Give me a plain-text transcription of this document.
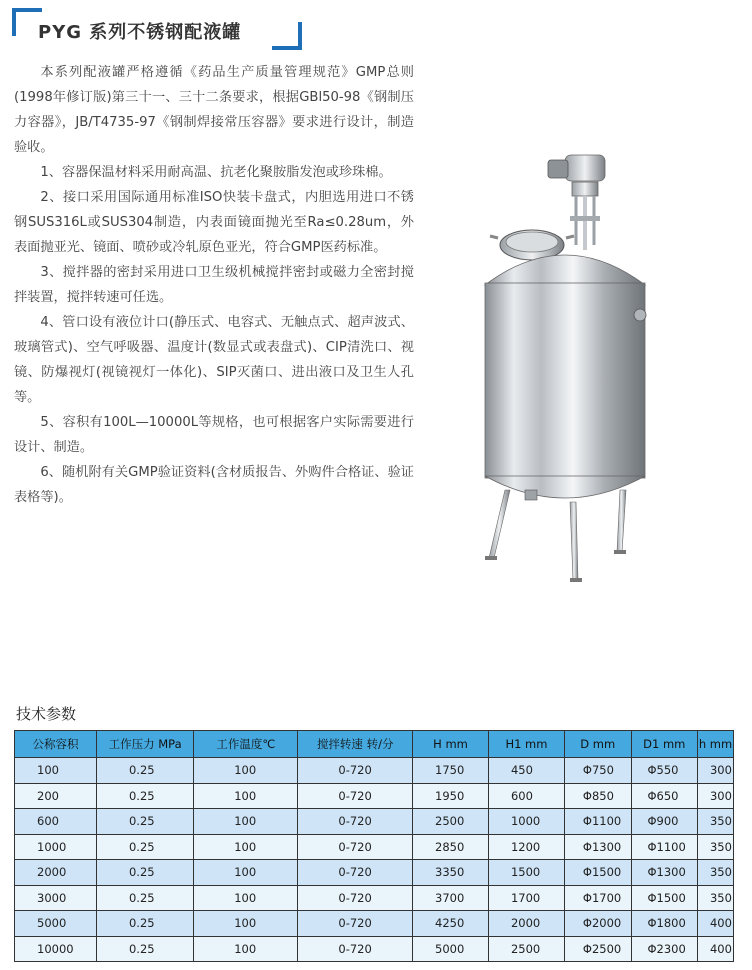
PYG 系列不锈钢配液罐

本系列配液罐严格遵循《药品生产质量管理规范》GMP总则(1998年修订版)第三十一、三十二条要求，根据GBl50-98《钢制压力容器》，JB/T4735-97《钢制焊接常压容器》要求进行设计，制造验收。

1、容器保温材料采用耐高温、抗老化聚胺脂发泡或珍珠棉。

2、接口采用国际通用标准ISO快装卡盘式，内胆选用进口不锈钢SUS316L或SUS304制造，内表面镜面抛光至Ra≤0.28um，外表面抛亚光、镜面、喷砂或冷轧原色亚光，符合GMP医药标准。

3、搅拌器的密封采用进口卫生级机械搅拌密封或磁力全密封搅拌装置，搅拌转速可任选。

4、管口设有液位计口(静压式、电容式、无触点式、超声波式、玻璃管式)、空气呼吸器、温度计(数显式或表盘式)、CIP清洗口、视镜、防爆视灯(视镜视灯一体化)、SIP灭菌口、进出液口及卫生人孔等。

5、容积有100L—10000L等规格，也可根据客户实际需要进行设计、制造。

6、随机附有关GMP验证资料(含材质报告、外购件合格证、验证表格等)。

技术参数
公称容积	工作压力 MPa	工作温度℃	搅拌转速 转/分	H mm	H1 mm	D mm	D1 mm	h mm
100	0.25	100	0-720	1750	450	Φ750	Φ550	300
200	0.25	100	0-720	1950	600	Φ850	Φ650	300
600	0.25	100	0-720	2500	1000	Φ1100	Φ900	350
1000	0.25	100	0-720	2850	1200	Φ1300	Φ1100	350
2000	0.25	100	0-720	3350	1500	Φ1500	Φ1300	350
3000	0.25	100	0-720	3700	1700	Φ1700	Φ1500	350
5000	0.25	100	0-720	4250	2000	Φ2000	Φ1800	400
10000	0.25	100	0-720	5000	2500	Φ2500	Φ2300	400
